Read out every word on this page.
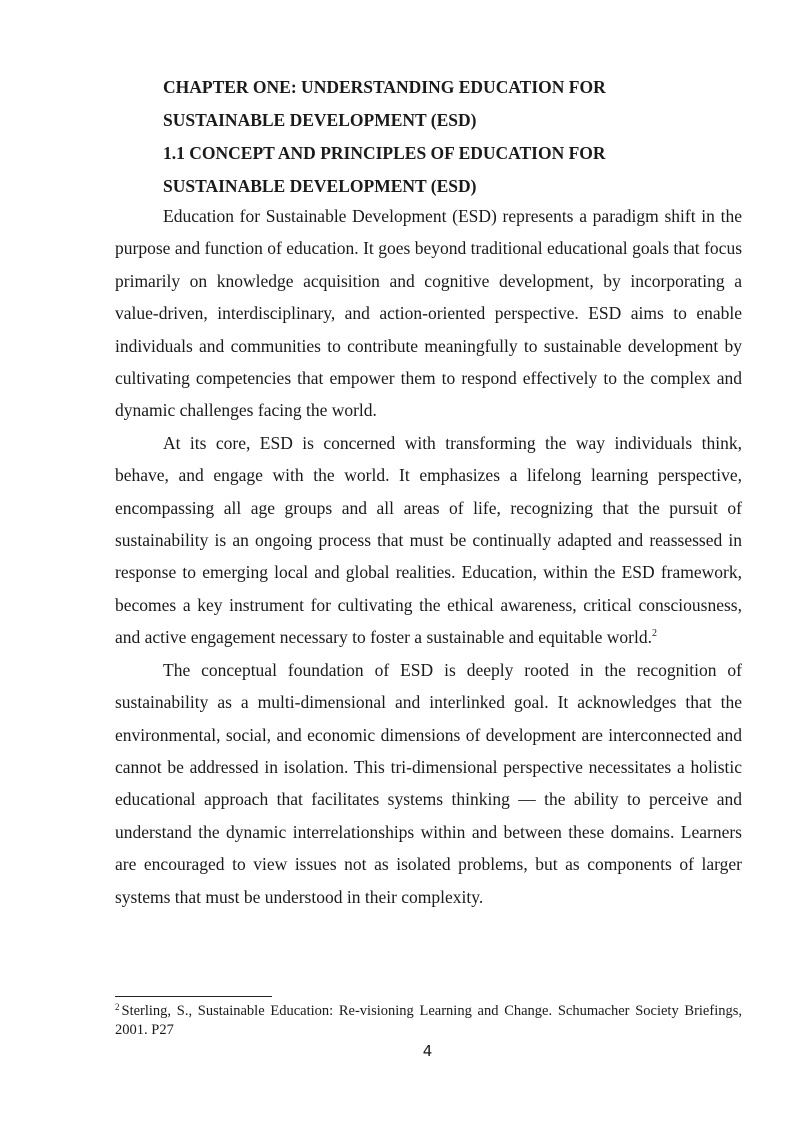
CHAPTER ONE: UNDERSTANDING EDUCATION FOR SUSTAINABLE DEVELOPMENT (ESD)
1.1 CONCEPT AND PRINCIPLES OF EDUCATION FOR SUSTAINABLE DEVELOPMENT (ESD)

Education for Sustainable Development (ESD) represents a paradigm shift in the purpose and function of education. It goes beyond traditional educational goals that focus primarily on knowledge acquisition and cognitive development, by incorporating a value-driven, interdisciplinary, and action-oriented perspective. ESD aims to enable individuals and communities to contribute meaningfully to sustainable development by cultivating competencies that empower them to respond effectively to the complex and dynamic challenges facing the world.

At its core, ESD is concerned with transforming the way individuals think, behave, and engage with the world. It emphasizes a lifelong learning perspective, encompassing all age groups and all areas of life, recognizing that the pursuit of sustainability is an ongoing process that must be continually adapted and reassessed in response to emerging local and global realities. Education, within the ESD framework, becomes a key instrument for cultivating the ethical awareness, critical consciousness, and active engagement necessary to foster a sustainable and equitable world.$^2$

The conceptual foundation of ESD is deeply rooted in the recognition of sustainability as a multi-dimensional and interlinked goal. It acknowledges that the environmental, social, and economic dimensions of development are interconnected and cannot be addressed in isolation. This tri-dimensional perspective necessitates a holistic educational approach that facilitates systems thinking — the ability to perceive and understand the dynamic interrelationships within and between these domains. Learners are encouraged to view issues not as isolated problems, but as components of larger systems that must be understood in their complexity.

$^2$ Sterling, S., Sustainable Education: Re-visioning Learning and Change. Schumacher Society Briefings, 2001. P27

4
